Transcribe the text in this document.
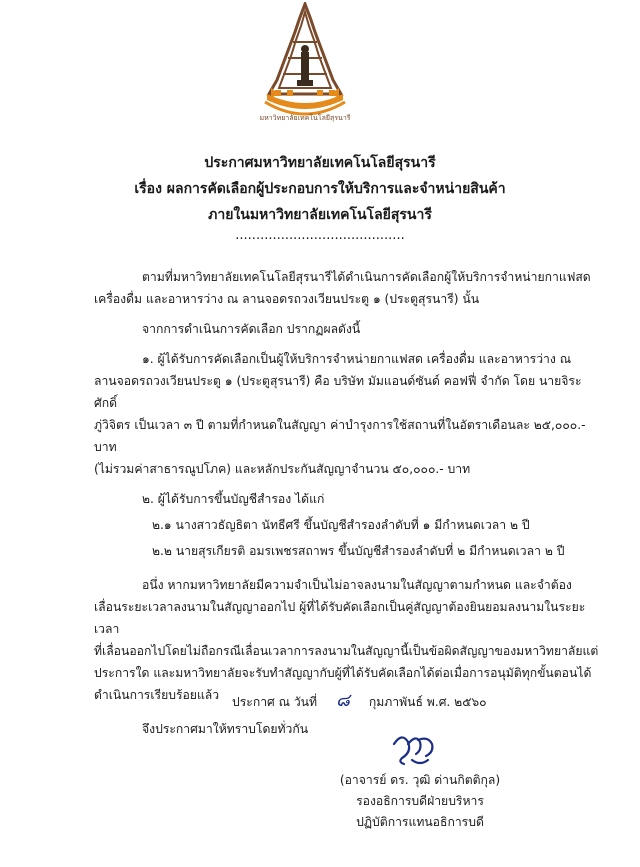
มหาวิทยาลัยเทคโนโลยีสุรนารี
ประกาศมหาวิทยาลัยเทคโนโลยีสุรนารี
เรื่อง ผลการคัดเลือกผู้ประกอบการให้บริการและจำหน่ายสินค้า
ภายในมหาวิทยาลัยเทคโนโลยีสุรนารี
.........................................

ตามที่มหาวิทยาลัยเทคโนโลยีสุรนารีได้ดำเนินการคัดเลือกผู้ให้บริการจำหน่ายกาแฟสด

เครื่องดื่ม และอาหารว่าง ณ ลานจอดรถวงเวียนประตู ๑ (ประตูสุรนารี) นั้น

จากการดำเนินการคัดเลือก ปรากฏผลดังนี้

๑. ผู้ได้รับการคัดเลือกเป็นผู้ให้บริการจำหน่ายกาแฟสด เครื่องดื่ม และอาหารว่าง ณ

ลานจอดรถวงเวียนประตู ๑ (ประตูสุรนารี) คือ บริษัท มัมแอนด์ซันด์ คอฟฟี่ จำกัด โดย นายจิระศักดิ์

ภู่วิจิตร เป็นเวลา ๓ ปี ตามที่กำหนดในสัญญา ค่าบำรุงการใช้สถานที่ในอัตราเดือนละ ๒๕,๐๐๐.- บาท

(ไม่รวมค่าสาธารณูปโภค) และหลักประกันสัญญาจำนวน ๕๐,๐๐๐.- บาท

๒. ผู้ได้รับการขึ้นบัญชีสำรอง ได้แก่

๒.๑ นางสาวธัญธิตา นัทธีศรี ขึ้นบัญชีสำรองลำดับที่ ๑ มีกำหนดเวลา ๒ ปี

๒.๒ นายสุรเกียรติ อมรเพชรสถาพร ขึ้นบัญชีสำรองลำดับที่ ๒ มีกำหนดเวลา ๒ ปี

อนึ่ง หากมหาวิทยาลัยมีความจำเป็นไม่อาจลงนามในสัญญาตามกำหนด และจำต้อง

เลื่อนระยะเวลาลงนามในสัญญาออกไป ผู้ที่ได้รับคัดเลือกเป็นคู่สัญญาต้องยินยอมลงนามในระยะเวลา

ที่เลื่อนออกไปโดยไม่ถือกรณีเลื่อนเวลาการลงนามในสัญญานี้เป็นข้อผิดสัญญาของมหาวิทยาลัยแต่

ประการใด และมหาวิทยาลัยจะรับทำสัญญากับผู้ที่ได้รับคัดเลือกได้ต่อเมื่อการอนุมัติทุกขั้นตอนได้

ดำเนินการเรียบร้อยแล้ว

จึงประกาศมาให้ทราบโดยทั่วกัน

ประกาศ ณ วันที่ ๘ กุมภาพันธ์ พ.ศ. ๒๕๖๐
(อาจารย์ ดร. วุฒิ ด่านกิตติกุล)
รองอธิการบดีฝ่ายบริหาร
ปฏิบัติการแทนอธิการบดี
